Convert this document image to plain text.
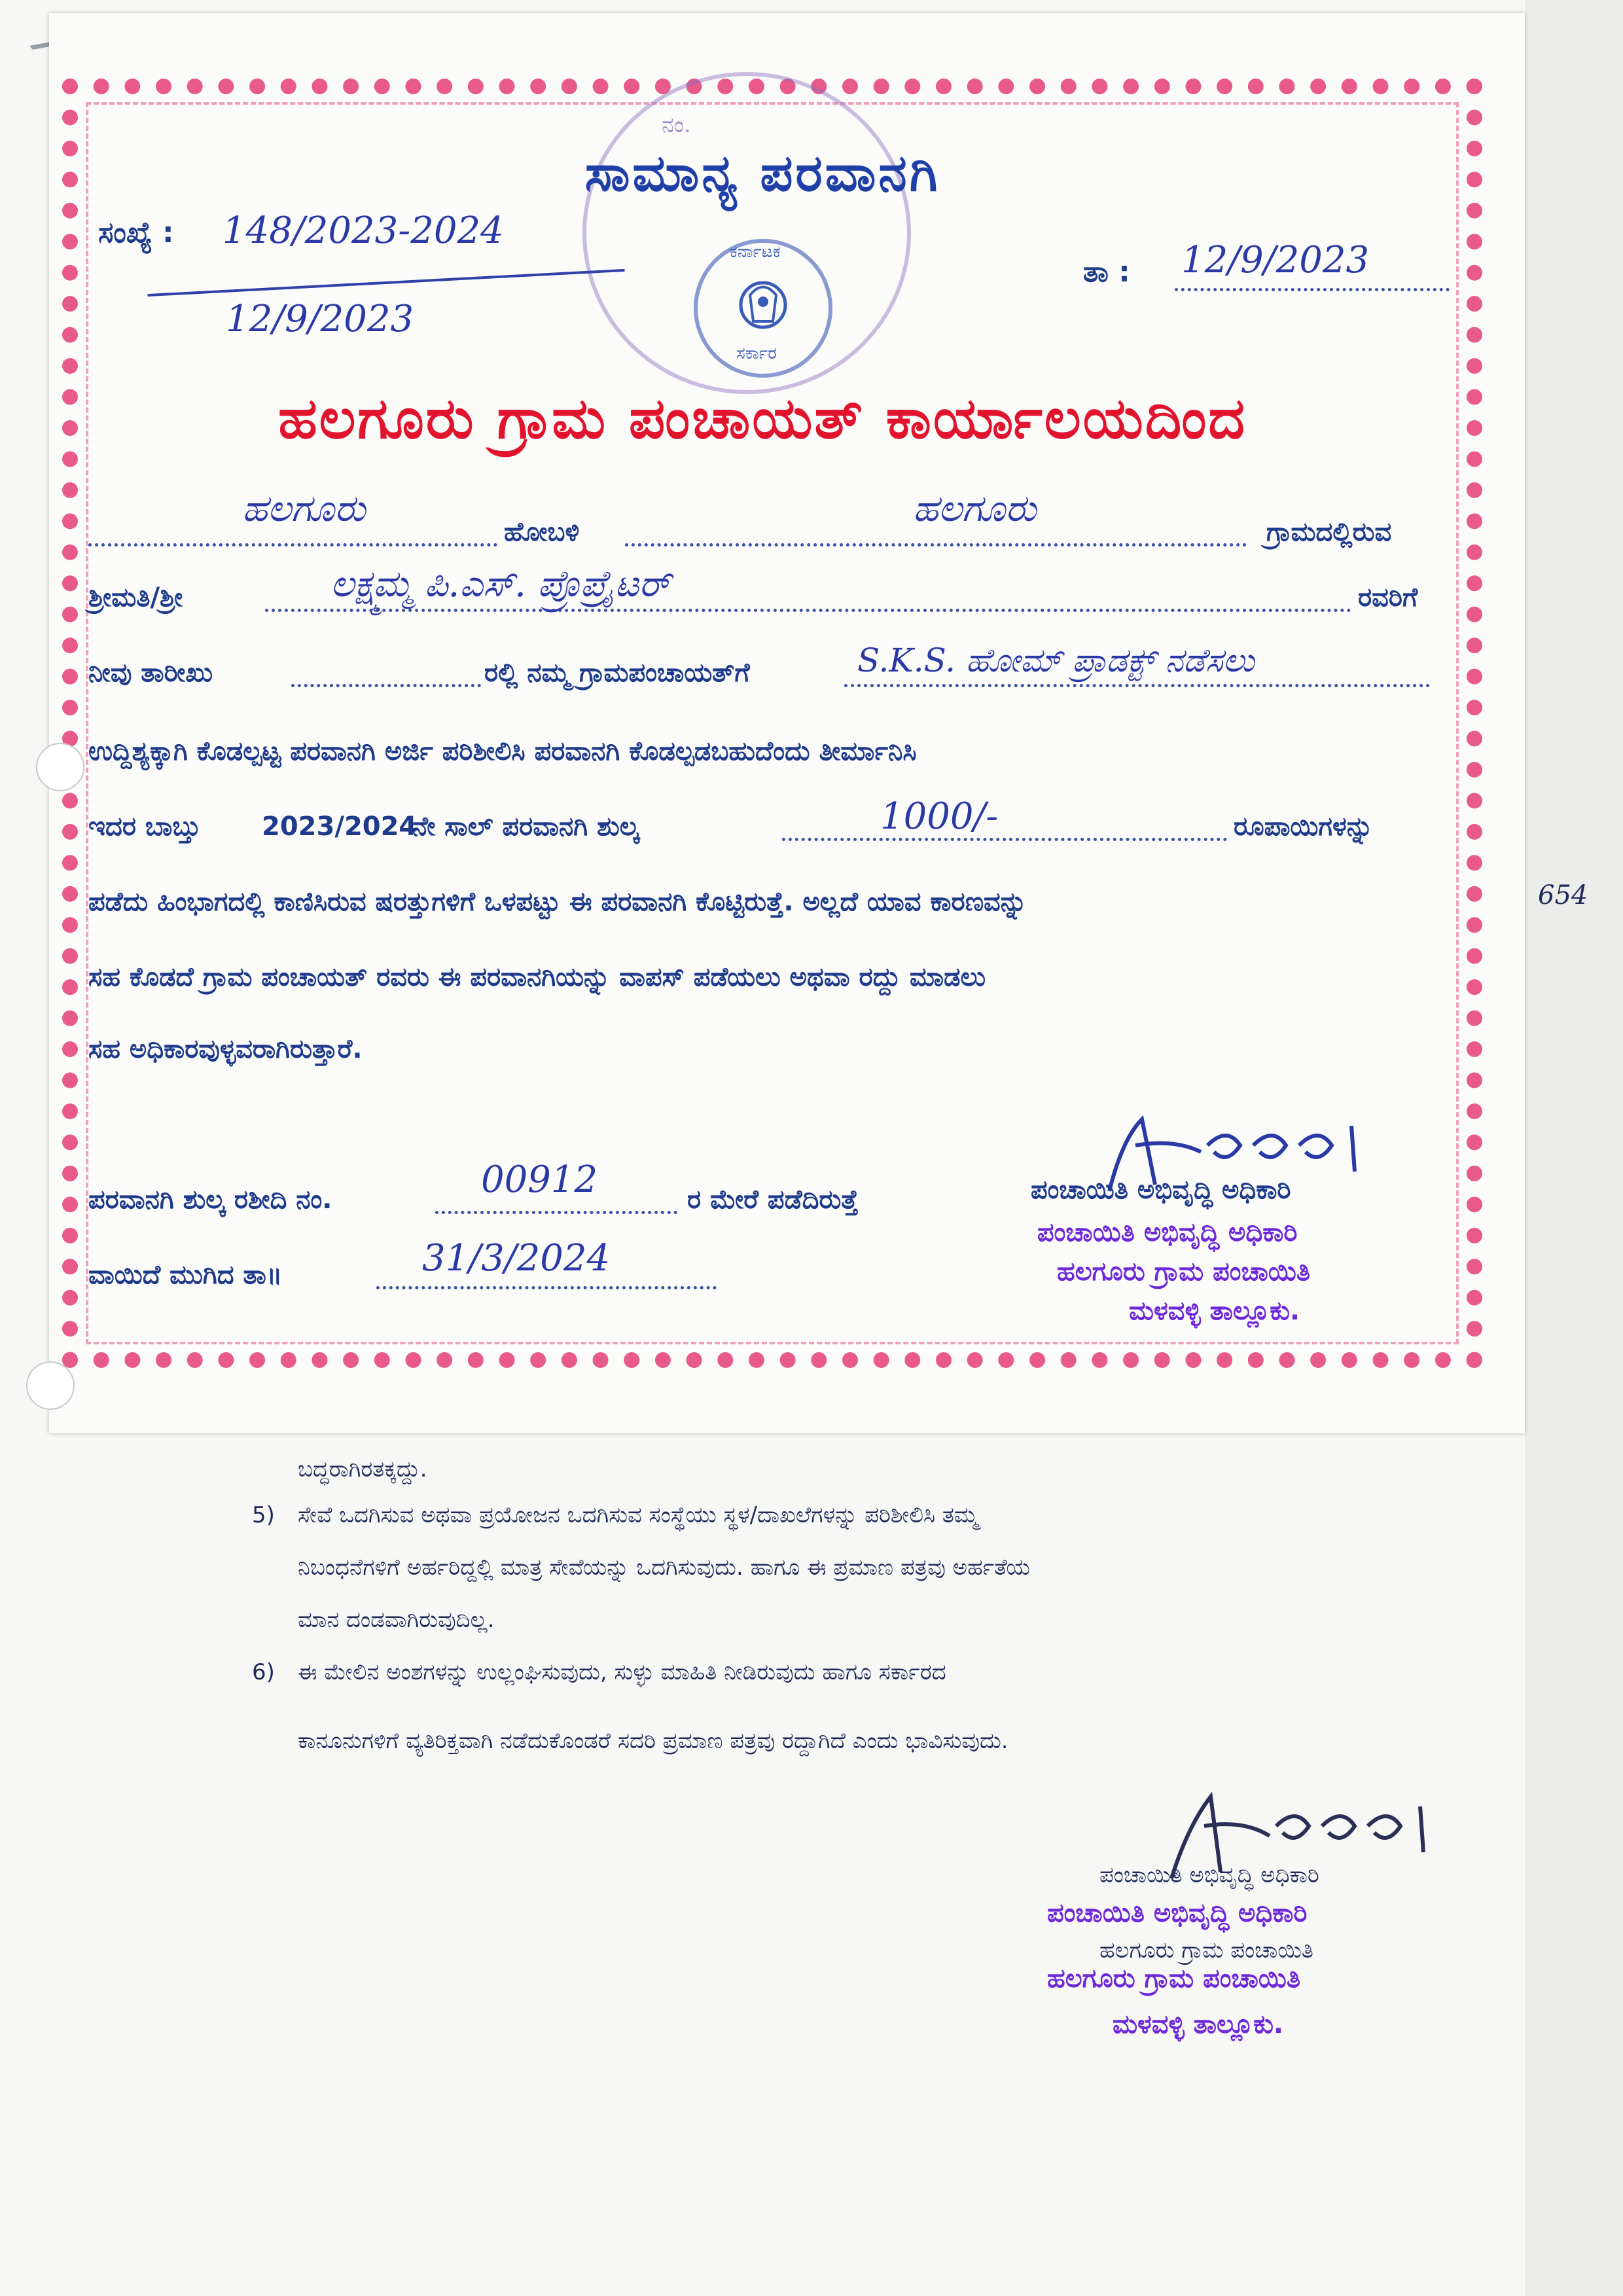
ನಂ.
ಕರ್ನಾಟಕ
ಸರ್ಕಾರ
ಸಾಮಾನ್ಯ ಪರವಾನಗಿ
ಸಂಖ್ಯೆ : 148/2023-2024
12/9/2023
ತಾ : 12/9/2023
ಹಲಗೂರು ಗ್ರಾಮ ಪಂಚಾಯತ್ ಕಾರ್ಯಾಲಯದಿಂದ
ಹಲಗೂರು
ಹೋಬಳಿ
ಹಲಗೂರು
ಗ್ರಾಮದಲ್ಲಿರುವ
ಶ್ರೀಮತಿ/ಶ್ರೀ	ಲಕ್ಷ್ಮಮ್ಮ ಪಿ.ಎಸ್. ಪ್ರೊಪ್ರೈಟರ್	ರವರಿಗೆ
ನೀವು ತಾರೀಖು	ರಲ್ಲಿ ನಮ್ಮ ಗ್ರಾಮಪಂಚಾಯತ್‌ಗೆ	S.K.S. ಹೋಮ್ ಪ್ರಾಡಕ್ಟ್ ನಡೆಸಲು
ಉದ್ದಿಶ್ಯಕ್ಕಾಗಿ ಕೊಡಲ್ಪಟ್ಟ ಪರವಾನಗಿ ಅರ್ಜಿ ಪರಿಶೀಲಿಸಿ ಪರವಾನಗಿ ಕೊಡಲ್ಪಡಬಹುದೆಂದು ತೀರ್ಮಾನಿಸಿ
ಇದರ ಬಾಬ್ತು 2023/2024
ನೇ ಸಾಲ್ ಪರವಾನಗಿ ಶುಲ್ಕ	1000/-	ರೂಪಾಯಿಗಳನ್ನು
ಪಡೆದು ಹಿಂಭಾಗದಲ್ಲಿ ಕಾಣಿಸಿರುವ ಷರತ್ತುಗಳಿಗೆ ಒಳಪಟ್ಟು ಈ ಪರವಾನಗಿ ಕೊಟ್ಟಿರುತ್ತೆ. ಅಲ್ಲದೆ ಯಾವ ಕಾರಣವನ್ನು
ಸಹ ಕೊಡದೆ ಗ್ರಾಮ ಪಂಚಾಯತ್ ರವರು ಈ ಪರವಾನಗಿಯನ್ನು ವಾಪಸ್ ಪಡೆಯಲು ಅಥವಾ ರದ್ದು ಮಾಡಲು
ಸಹ ಅಧಿಕಾರವುಳ್ಳವರಾಗಿರುತ್ತಾರೆ.
ಪರವಾನಗಿ ಶುಲ್ಕ ರಶೀದಿ ನಂ.	00912	ರ ಮೇರೆ ಪಡೆದಿರುತ್ತೆ
ವಾಯಿದೆ ಮುಗಿದ ತಾ॥	31/3/2024
ಪಂಚಾಯಿತಿ ಅಭಿವೃದ್ಧಿ ಅಧಿಕಾರಿ
ಪಂಚಾಯಿತಿ ಅಭಿವೃದ್ಧಿ ಅಧಿಕಾರಿ
ಹಲಗೂರು ಗ್ರಾಮ ಪಂಚಾಯಿತಿ
ಮಳವಳ್ಳಿ ತಾಲ್ಲೂಕು.
654
ಬದ್ಧರಾಗಿರತಕ್ಕದ್ದು.
5) ಸೇವೆ ಒದಗಿಸುವ ಅಥವಾ ಪ್ರಯೋಜನ ಒದಗಿಸುವ ಸಂಸ್ಥೆಯು ಸ್ಥಳ/ದಾಖಲೆಗಳನ್ನು ಪರಿಶೀಲಿಸಿ ತಮ್ಮ
ನಿಬಂಧನೆಗಳಿಗೆ ಅರ್ಹರಿದ್ದಲ್ಲಿ ಮಾತ್ರ ಸೇವೆಯನ್ನು ಒದಗಿಸುವುದು. ಹಾಗೂ ಈ ಪ್ರಮಾಣ ಪತ್ರವು ಅರ್ಹತೆಯ
ಮಾನ ದಂಡವಾಗಿರುವುದಿಲ್ಲ.
6) ಈ ಮೇಲಿನ ಅಂಶಗಳನ್ನು ಉಲ್ಲಂಘಿಸುವುದು, ಸುಳ್ಳು ಮಾಹಿತಿ ನೀಡಿರುವುದು ಹಾಗೂ ಸರ್ಕಾರದ
ಕಾನೂನುಗಳಿಗೆ ವ್ಯತಿರಿಕ್ತವಾಗಿ ನಡೆದುಕೊಂಡರೆ ಸದರಿ ಪ್ರಮಾಣ ಪತ್ರವು ರದ್ದಾಗಿದೆ ಎಂದು ಭಾವಿಸುವುದು.
ಪಂಚಾಯಿತಿ ಅಭಿವೃದ್ಧಿ ಅಧಿಕಾರಿ
ಪಂಚಾಯಿತಿ ಅಭಿವೃದ್ಧಿ ಅಧಿಕಾರಿ
ಹಲಗೂರು ಗ್ರಾಮ ಪಂಚಾಯಿತಿ
ಹಲಗೂರು ಗ್ರಾಮ ಪಂಚಾಯಿತಿ
ಮಳವಳ್ಳಿ ತಾಲ್ಲೂಕು.
